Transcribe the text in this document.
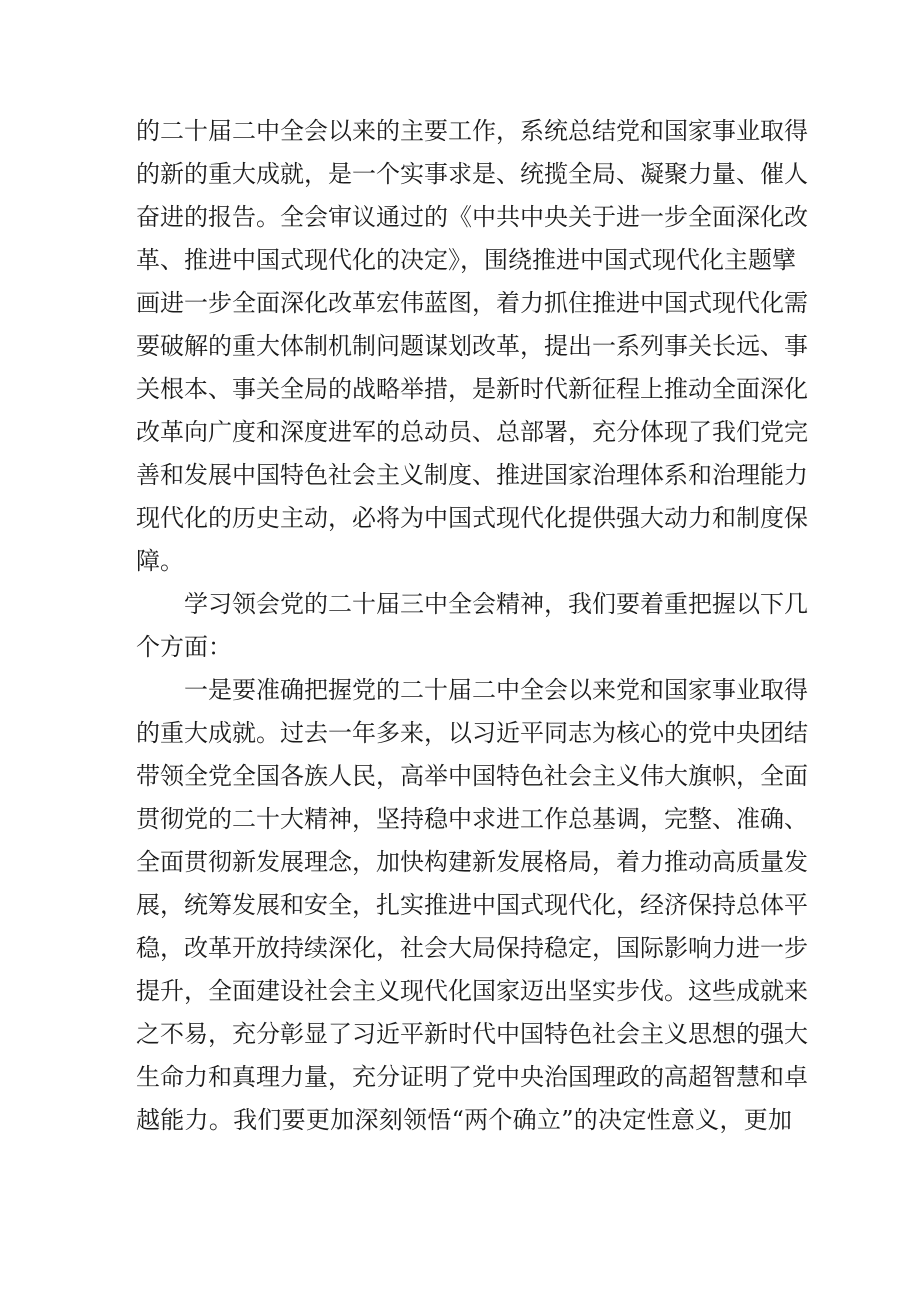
的二十届二中全会以来的主要工作，系统总结党和国家事业取得
的新的重大成就，是一个实事求是、统揽全局、凝聚力量、催人
奋进的报告。全会审议通过的《中共中央关于进一步全面深化改
革、推进中国式现代化的决定》，围绕推进中国式现代化主题擘
画进一步全面深化改革宏伟蓝图，着力抓住推进中国式现代化需
要破解的重大体制机制问题谋划改革，提出一系列事关长远、事
关根本、事关全局的战略举措，是新时代新征程上推动全面深化
改革向广度和深度进军的总动员、总部署，充分体现了我们党完
善和发展中国特色社会主义制度、推进国家治理体系和治理能力
现代化的历史主动，必将为中国式现代化提供强大动力和制度保
障。
学习领会党的二十届三中全会精神，我们要着重把握以下几
个方面：
一是要准确把握党的二十届二中全会以来党和国家事业取得
的重大成就。过去一年多来，以习近平同志为核心的党中央团结
带领全党全国各族人民，高举中国特色社会主义伟大旗帜，全面
贯彻党的二十大精神，坚持稳中求进工作总基调，完整、准确、
全面贯彻新发展理念，加快构建新发展格局，着力推动高质量发
展，统筹发展和安全，扎实推进中国式现代化，经济保持总体平
稳，改革开放持续深化，社会大局保持稳定，国际影响力进一步
提升，全面建设社会主义现代化国家迈出坚实步伐。这些成就来
之不易，充分彰显了习近平新时代中国特色社会主义思想的强大
生命力和真理力量，充分证明了党中央治国理政的高超智慧和卓
越能力。我们要更加深刻领悟“两个确立”的决定性意义，更加
